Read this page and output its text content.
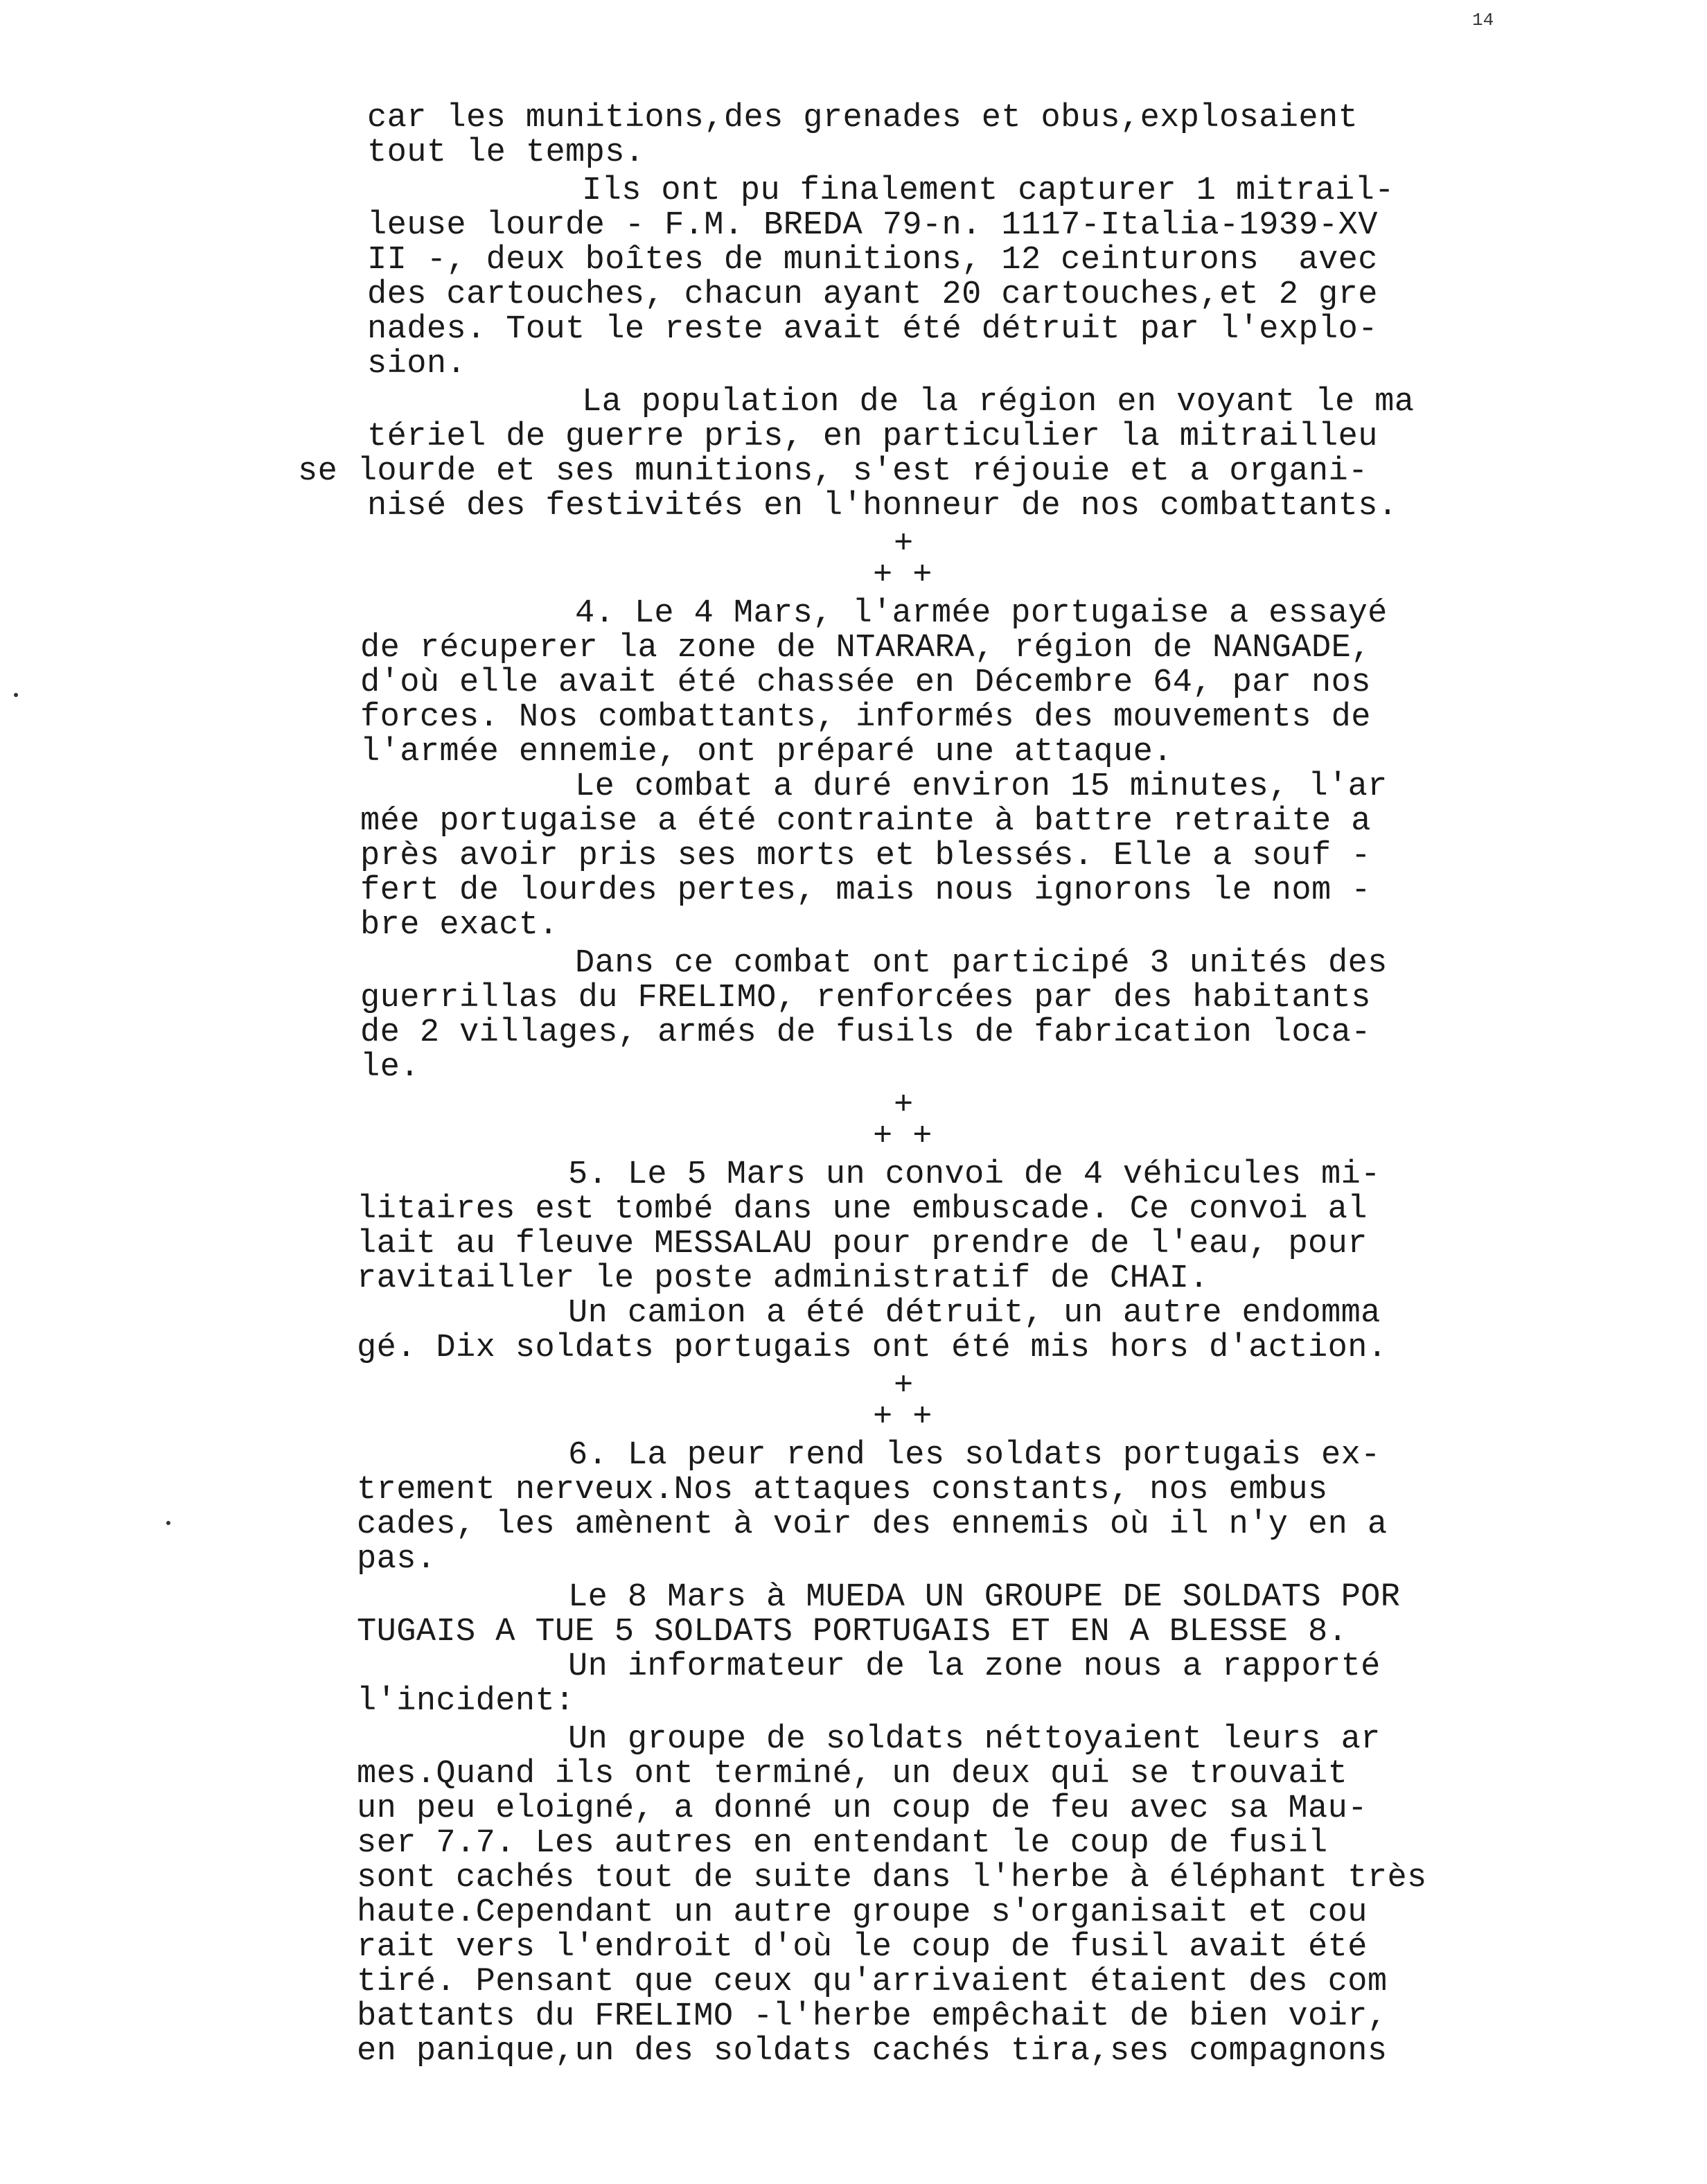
14
car les munitions,des grenades et obus,explosaient
tout le temps.
Ils ont pu finalement capturer 1 mitrail-
leuse lourde - F.M. BREDA 79-n. 1117-Italia-1939-XV
II -, deux boîtes de munitions, 12 ceinturons  avec
des cartouches, chacun ayant 20 cartouches,et 2 gre
nades. Tout le reste avait été détruit par l'explo-
sion.
La population de la région en voyant le ma
tériel de guerre pris, en particulier la mitrailleu
se lourde et ses munitions, s'est réjouie et a organi-
nisé des festivités en l'honneur de nos combattants.
+
+ +
4. Le 4 Mars, l'armée portugaise a essayé
de récuperer la zone de NTARARA, région de NANGADE,
d'où elle avait été chassée en Décembre 64, par nos
forces. Nos combattants, informés des mouvements de
l'armée ennemie, ont préparé une attaque.
Le combat a duré environ 15 minutes, l'ar
mée portugaise a été contrainte à battre retraite a
près avoir pris ses morts et blessés. Elle a souf -
fert de lourdes pertes, mais nous ignorons le nom -
bre exact.
Dans ce combat ont participé 3 unités des
guerrillas du FRELIMO, renforcées par des habitants
de 2 villages, armés de fusils de fabrication loca-
le.
+
+ +
5. Le 5 Mars un convoi de 4 véhicules mi-
litaires est tombé dans une embuscade. Ce convoi al
lait au fleuve MESSALAU pour prendre de l'eau, pour
ravitailler le poste administratif de CHAI.
Un camion a été détruit, un autre endomma
gé. Dix soldats portugais ont été mis hors d'action.
+
+ +
6. La peur rend les soldats portugais ex-
trement nerveux.Nos attaques constants, nos embus
cades, les amènent à voir des ennemis où il n'y en a
pas.
Le 8 Mars à MUEDA UN GROUPE DE SOLDATS POR
TUGAIS A TUE 5 SOLDATS PORTUGAIS ET EN A BLESSE 8.
Un informateur de la zone nous a rapporté
l'incident:
Un groupe de soldats néttoyaient leurs ar
mes.Quand ils ont terminé, un deux qui se trouvait
un peu eloigné, a donné un coup de feu avec sa Mau-
ser 7.7. Les autres en entendant le coup de fusil
sont cachés tout de suite dans l'herbe à éléphant très
haute.Cependant un autre groupe s'organisait et cou
rait vers l'endroit d'où le coup de fusil avait été
tiré. Pensant que ceux qu'arrivaient étaient des com
battants du FRELIMO -l'herbe empêchait de bien voir,
en panique,un des soldats cachés tira,ses compagnons
